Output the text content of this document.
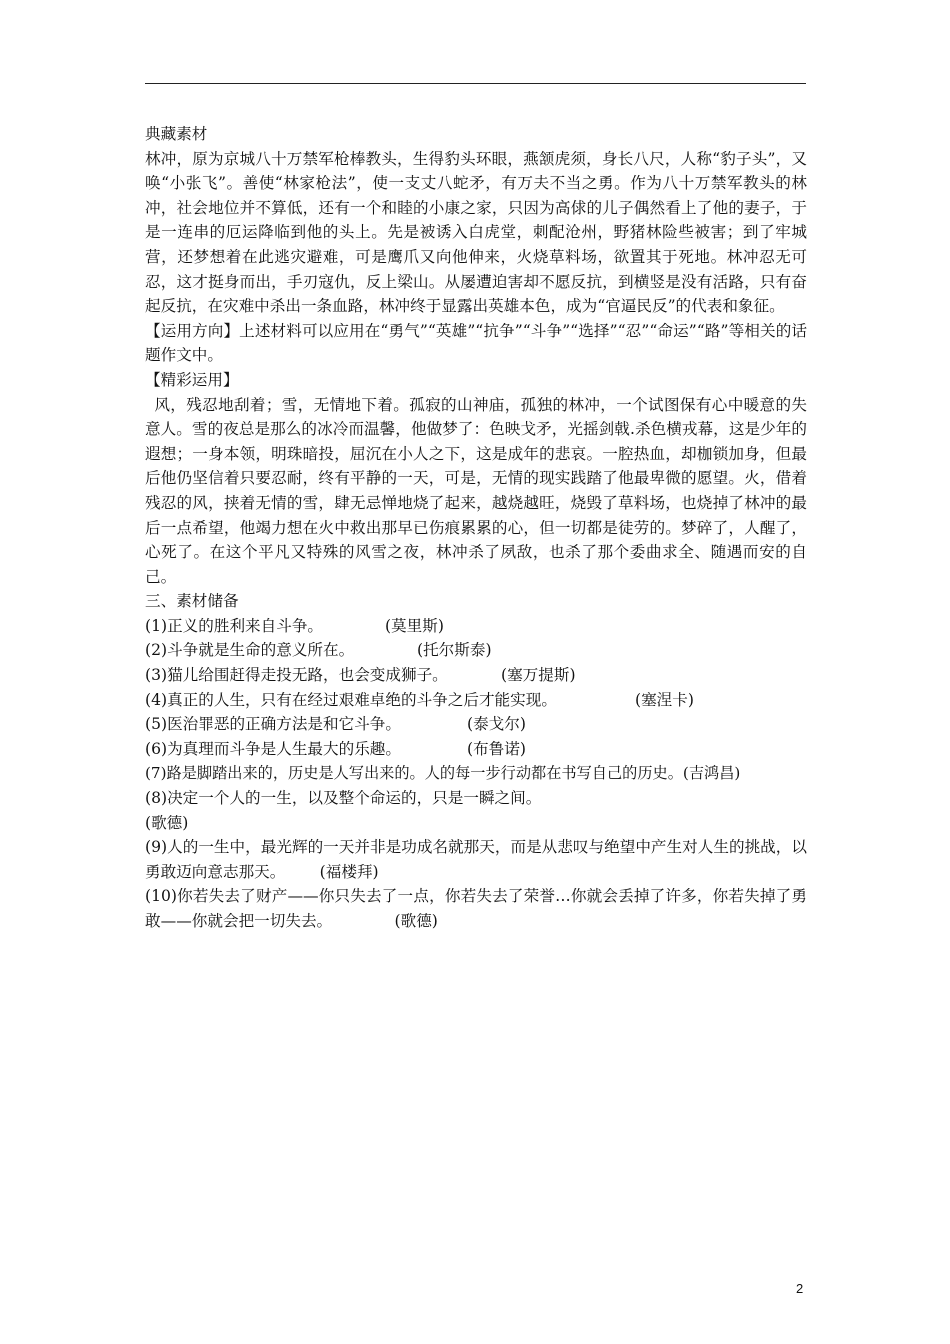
典藏素材

林冲，原为京城八十万禁军枪棒教头，生得豹头环眼，燕颔虎须，身长八尺，人称“豹子头”，又唤“小张飞”。善使“林家枪法”，使一支丈八蛇矛，有万夫不当之勇。作为八十万禁军教头的林冲，社会地位并不算低，还有一个和睦的小康之家，只因为高俅的儿子偶然看上了他的妻子，于是一连串的厄运降临到他的头上。先是被诱入白虎堂，刺配沧州，野猪林险些被害；到了牢城营，还梦想着在此逃灾避难，可是鹰爪又向他伸来，火烧草料场，欲置其于死地。林冲忍无可忍，这才挺身而出，手刃寇仇，反上梁山。从屡遭迫害却不愿反抗，到横竖是没有活路，只有奋起反抗，在灾难中杀出一条血路，林冲终于显露出英雄本色，成为“官逼民反”的代表和象征。

【运用方向】上述材料可以应用在“勇气”“英雄”“抗争”“斗争”“选择”“忍”“命运”“路”等相关的话题作文中。

【精彩运用】

风，残忍地刮着；雪，无情地下着。孤寂的山神庙，孤独的林冲，一个试图保有心中暖意的失意人。雪的夜总是那么的冰冷而温馨，他做梦了：色映戈矛，光摇剑戟.杀色横戎幕，这是少年的遐想；一身本领，明珠暗投，屈沉在小人之下，这是成年的悲哀。一腔热血，却枷锁加身，但最后他仍坚信着只要忍耐，终有平静的一天，可是，无情的现实践踏了他最卑微的愿望。火，借着残忍的风，挟着无情的雪，肆无忌惮地烧了起来，越烧越旺，烧毁了草料场，也烧掉了林冲的最后一点希望，他竭力想在火中救出那早已伤痕累累的心，但一切都是徒劳的。梦碎了，人醒了，心死了。在这个平凡又特殊的风雪之夜，林冲杀了夙敌，也杀了那个委曲求全、随遇而安的自己。

三、素材储备

(1)正义的胜利来自斗争。	(莫里斯)
(2)斗争就是生命的意义所在。	(托尔斯泰)
(3)猫儿给围赶得走投无路，也会变成狮子。	(塞万提斯)
(4)真正的人生，只有在经过艰难卓绝的斗争之后才能实现。	(塞涅卡)
(5)医治罪恶的正确方法是和它斗争。	(泰戈尔)
(6)为真理而斗争是人生最大的乐趣。	(布鲁诺)

(7)路是脚踏出来的，历史是人写出来的。人的每一步行动都在书写自己的历史。(吉鸿昌)

(8)决定一个人的一生，以及整个命运的，只是一瞬之间。

(歌德)

(9)人的一生中，最光辉的一天并非是功成名就那天，而是从悲叹与绝望中产生对人生的挑战，以勇敢迈向意志那天。 (福楼拜)

(10)你若失去了财产——你只失去了一点，你若失去了荣誉…你就会丢掉了许多，你若失掉了勇敢——你就会把一切失去。	(歌德)

2
